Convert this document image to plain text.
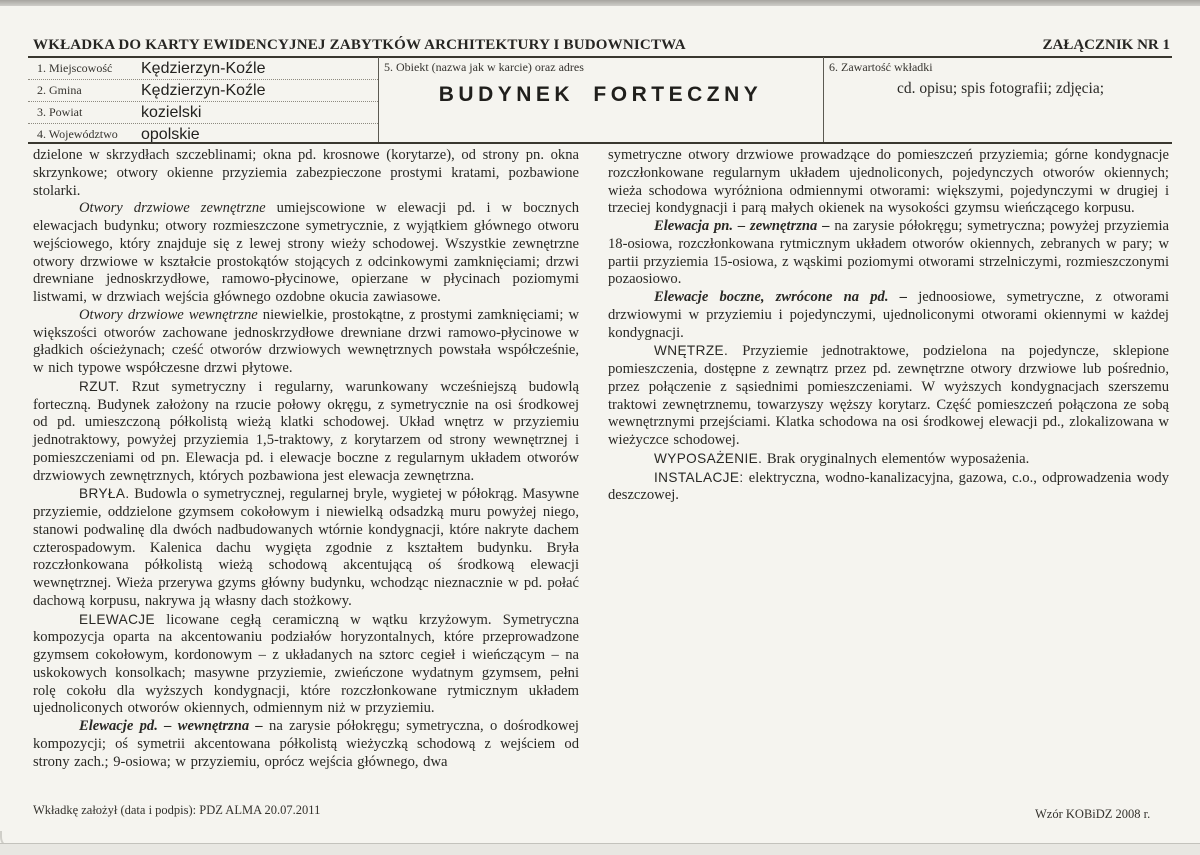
WKŁADKA DO KARTY EWIDENCYJNEJ ZABYTKÓW ARCHITEKTURY I BUDOWNICTWA	ZAŁĄCZNIK NR 1
1. Miejscowość	Kędzierzyn-Koźle
2. Gmina	Kędzierzyn-Koźle
3. Powiat	kozielski
4. Województwo	opolskie
5. Obiekt (nazwa jak w karcie) oraz adres
BUDYNEK FORTECZNY
6. Zawartość wkładki
cd. opisu; spis fotografii; zdjęcia;

dzielone w skrzydłach szczeblinami; okna pd. krosnowe (korytarze), od strony pn. okna skrzynkowe; otwory okienne przyziemia zabezpieczone prostymi kratami, pozbawione stolarki.

Otwory drzwiowe zewnętrzne umiejscowione w elewacji pd. i w bocznych elewacjach budynku; otwory rozmieszczone symetrycznie, z wyjątkiem głównego otworu wejściowego, który znajduje się z lewej strony wieży schodowej. Wszystkie zewnętrzne otwory drzwiowe w kształcie prostokątów stojących z odcinkowymi zamknięciami; drzwi drewniane jednoskrzydłowe, ramowo-płycinowe, opierzane w płycinach poziomymi listwami, w drzwiach wejścia głównego ozdobne okucia zawiasowe.

Otwory drzwiowe wewnętrzne niewielkie, prostokątne, z prostymi zamknięciami; w większości otworów zachowane jednoskrzydłowe drewniane drzwi ramowo-płycinowe w gładkich ościeżynach; cześć otworów drzwiowych wewnętrznych powstała współcześnie, w nich typowe współczesne drzwi płytowe.

RZUT. Rzut symetryczny i regularny, warunkowany wcześniejszą budowlą forteczną. Budynek założony na rzucie połowy okręgu, z symetrycznie na osi środkowej od pd. umieszczoną półkolistą wieżą klatki schodowej. Układ wnętrz w przyziemiu jednotraktowy, powyżej przyziemia 1,5-traktowy, z korytarzem od strony wewnętrznej i pomieszczeniami od pn. Elewacja pd. i elewacje boczne z regularnym układem otworów drzwiowych zewnętrznych, których pozbawiona jest elewacja zewnętrzna.

BRYŁA. Budowla o symetrycznej, regularnej bryle, wygietej w półokrąg. Masywne przyziemie, oddzielone gzymsem cokołowym i niewielką odsadzką muru powyżej niego, stanowi podwalinę dla dwóch nadbudowanych wtórnie kondygnacji, które nakryte dachem czterospadowym. Kalenica dachu wygięta zgodnie z kształtem budynku. Bryła rozczłonkowana półkolistą wieżą schodową akcentującą oś środkową elewacji wewnętrznej. Wieża przerywa gzyms główny budynku, wchodząc nieznacznie w pd. połać dachową korpusu, nakrywa ją własny dach stożkowy.

ELEWACJE licowane cegłą ceramiczną w wątku krzyżowym. Symetryczna kompozycja oparta na akcentowaniu podziałów horyzontalnych, które przeprowadzone gzymsem cokołowym, kordonowym – z układanych na sztorc cegieł i wieńczącym – na uskokowych konsolkach; masywne przyziemie, zwieńczone wydatnym gzymsem, pełni rolę cokołu dla wyższych kondygnacji, które rozczłonkowane rytmicznym układem ujednoliconych otworów okiennych, odmiennym niż w przyziemiu.

Elewacje pd. – wewnętrzna – na zarysie półokręgu; symetryczna, o dośrodkowej kompozycji; oś symetrii akcentowana półkolistą wieżyczką schodową z wejściem od strony zach.; 9-osiowa; w przyziemiu, oprócz wejścia głównego, dwa

symetryczne otwory drzwiowe prowadzące do pomieszczeń przyziemia; górne kondygnacje rozczłonkowane regularnym układem ujednoliconych, pojedynczych otworów okiennych; wieża schodowa wyróżniona odmiennymi otworami: większymi, pojedynczymi w drugiej i trzeciej kondygnacji i parą małych okienek na wysokości gzymsu wieńczącego korpusu.

Elewacja pn. – zewnętrzna – na zarysie półokręgu; symetryczna; powyżej przyziemia 18-osiowa, rozczłonkowana rytmicznym układem otworów okiennych, zebranych w pary; w partii przyziemia 15-osiowa, z wąskimi poziomymi otworami strzelniczymi, rozmieszczonymi pozaosiowo.

Elewacje boczne, zwrócone na pd. – jednoosiowe, symetryczne, z otworami drzwiowymi w przyziemiu i pojedynczymi, ujednoliconymi otworami okiennymi w każdej kondygnacji.

WNĘTRZE. Przyziemie jednotraktowe, podzielona na pojedyncze, sklepione pomieszczenia, dostępne z zewnątrz przez pd. zewnętrzne otwory drzwiowe lub pośrednio, przez połączenie z sąsiednimi pomieszczeniami. W wyższych kondygnacjach szerszemu traktowi zewnętrznemu, towarzyszy węższy korytarz. Część pomieszczeń połączona ze sobą wewnętrznymi przejściami. Klatka schodowa na osi środkowej elewacji pd., zlokalizowana w wieżyczce schodowej.

WYPOSAŻENIE. Brak oryginalnych elementów wyposażenia.

INSTALACJE: elektryczna, wodno-kanalizacyjna, gazowa, c.o., odprowadzenia wody deszczowej.

Wkładkę założył (data i podpis): PDZ ALMA 20.07.2011	Wzór KOBiDZ 2008 r.
